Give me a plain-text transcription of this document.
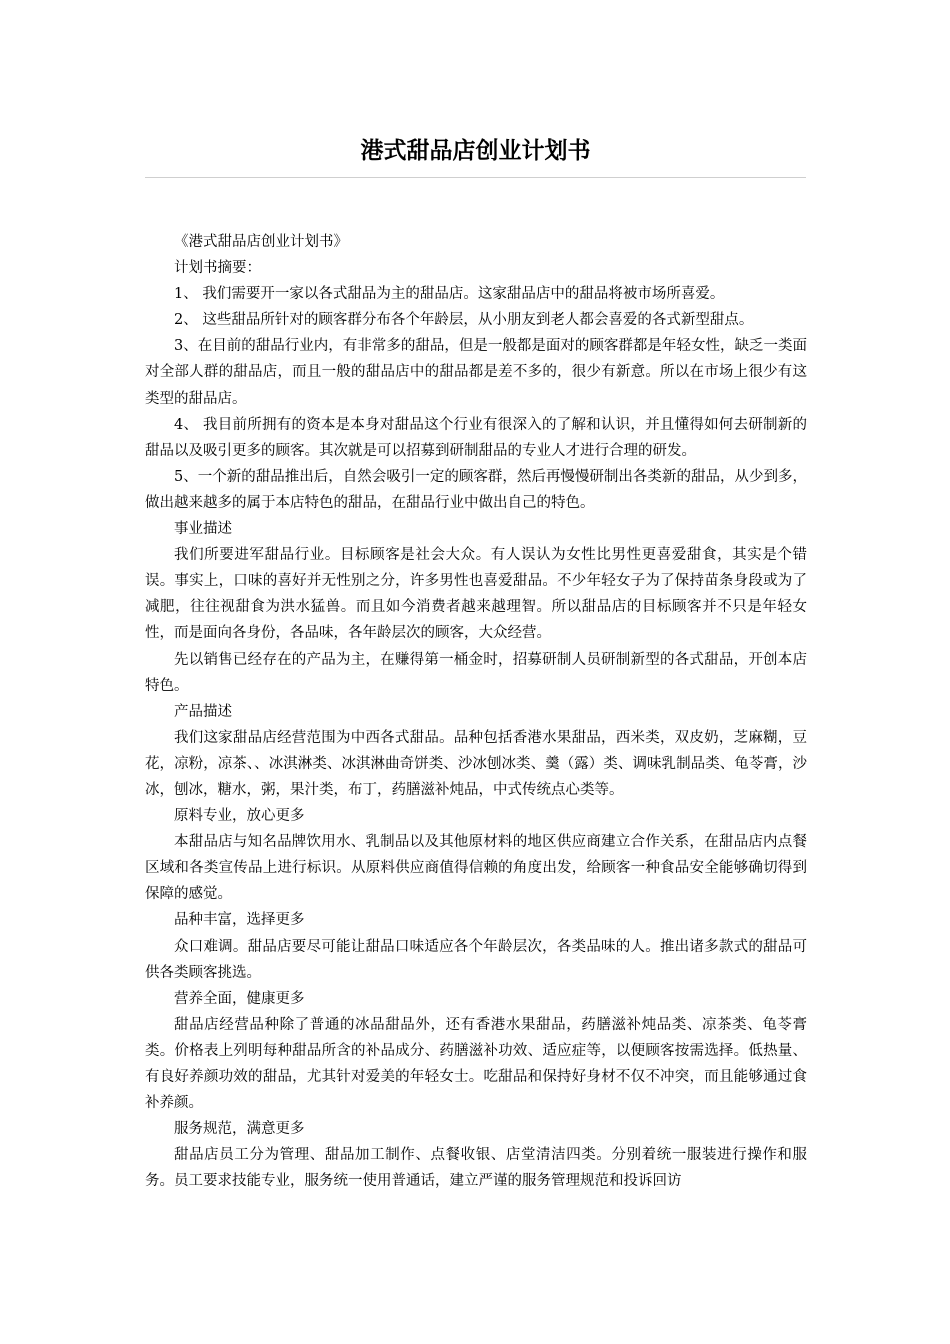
港式甜品店创业计划书

《港式甜品店创业计划书》

计划书摘要：

1、 我们需要开一家以各式甜品为主的甜品店。这家甜品店中的甜品将被市场所喜爱。

2、 这些甜品所针对的顾客群分布各个年龄层，从小朋友到老人都会喜爱的各式新型甜点。

3、在目前的甜品行业内，有非常多的甜品，但是一般都是面对的顾客群都是年轻女性，缺乏一类面对全部人群的甜品店，而且一般的甜品店中的甜品都是差不多的，很少有新意。所以在市场上很少有这类型的甜品店。

4、 我目前所拥有的资本是本身对甜品这个行业有很深入的了解和认识，并且懂得如何去研制新的甜品以及吸引更多的顾客。其次就是可以招募到研制甜品的专业人才进行合理的研发。

5、一个新的甜品推出后，自然会吸引一定的顾客群，然后再慢慢研制出各类新的甜品，从少到多，做出越来越多的属于本店特色的甜品，在甜品行业中做出自己的特色。

事业描述

我们所要进军甜品行业。目标顾客是社会大众。有人误认为女性比男性更喜爱甜食，其实是个错误。事实上，口味的喜好并无性别之分，许多男性也喜爱甜品。不少年轻女子为了保持苗条身段或为了减肥，往往视甜食为洪水猛兽。而且如今消费者越来越理智。所以甜品店的目标顾客并不只是年轻女性，而是面向各身份，各品味，各年龄层次的顾客，大众经营。

先以销售已经存在的产品为主，在赚得第一桶金时，招募研制人员研制新型的各式甜品，开创本店特色。

产品描述

我们这家甜品店经营范围为中西各式甜品。品种包括香港水果甜品，西米类，双皮奶，芝麻糊，豆花，凉粉，凉茶、、冰淇淋类、冰淇淋曲奇饼类、沙冰刨冰类、羹（露）类、调味乳制品类、龟苓膏，沙冰，刨冰，糖水，粥，果汁类，布丁，药膳滋补炖品，中式传统点心类等。

原料专业，放心更多

本甜品店与知名品牌饮用水、乳制品以及其他原材料的地区供应商建立合作关系，在甜品店内点餐区域和各类宣传品上进行标识。从原料供应商值得信赖的角度出发，给顾客一种食品安全能够确切得到保障的感觉。

品种丰富，选择更多

众口难调。甜品店要尽可能让甜品口味适应各个年龄层次，各类品味的人。推出诸多款式的甜品可供各类顾客挑选。

营养全面，健康更多

甜品店经营品种除了普通的冰品甜品外，还有香港水果甜品，药膳滋补炖品类、凉茶类、龟苓膏类。价格表上列明每种甜品所含的补品成分、药膳滋补功效、适应症等，以便顾客按需选择。低热量、有良好养颜功效的甜品，尤其针对爱美的年轻女士。吃甜品和保持好身材不仅不冲突，而且能够通过食补养颜。

服务规范，满意更多

甜品店员工分为管理、甜品加工制作、点餐收银、店堂清洁四类。分别着统一服装进行操作和服务。员工要求技能专业，服务统一使用普通话，建立严谨的服务管理规范和投诉回访
